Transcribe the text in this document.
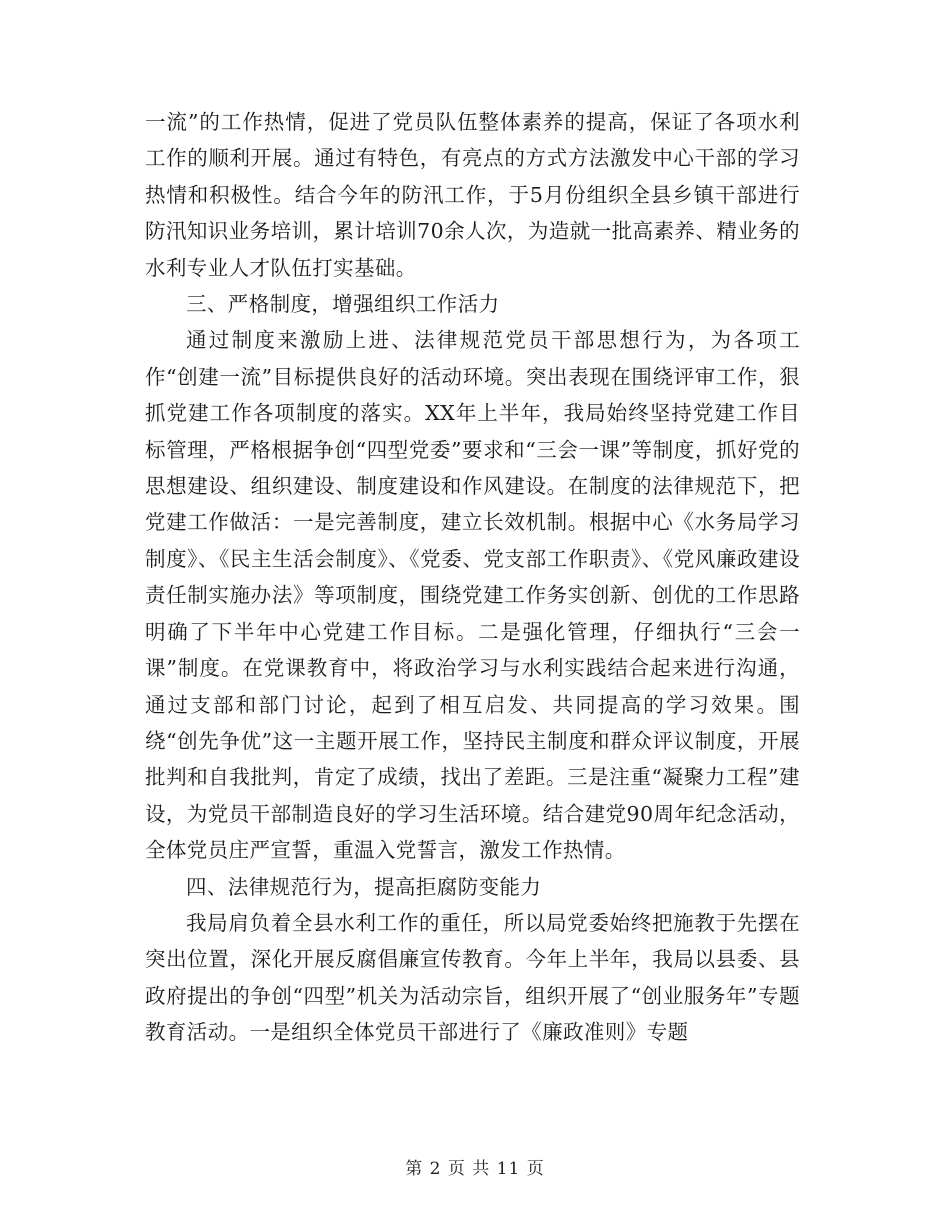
一流”的工作热情，促进了党员队伍整体素养的提高，保证了各项水利工作的顺利开展。通过有特色，有亮点的方式方法激发中心干部的学习热情和积极性。结合今年的防汛工作，于5月份组织全县乡镇干部进行防汛知识业务培训，累计培训70余人次，为造就一批高素养、精业务的水利专业人才队伍打实基础。

三、严格制度，增强组织工作活力

通过制度来激励上进、法律规范党员干部思想行为，为各项工作“创建一流”目标提供良好的活动环境。突出表现在围绕评审工作，狠抓党建工作各项制度的落实。XX年上半年，我局始终坚持党建工作目标管理，严格根据争创“四型党委”要求和“三会一课”等制度，抓好党的思想建设、组织建设、制度建设和作风建设。在制度的法律规范下，把党建工作做活：一是完善制度，建立长效机制。根据中心《水务局学习制度》、《民主生活会制度》、《党委、党支部工作职责》、《党风廉政建设责任制实施办法》等项制度，围绕党建工作务实创新、创优的工作思路明确了下半年中心党建工作目标。二是强化管理，仔细执行“三会一课”制度。在党课教育中，将政治学习与水利实践结合起来进行沟通，通过支部和部门讨论，起到了相互启发、共同提高的学习效果。围绕“创先争优”这一主题开展工作，坚持民主制度和群众评议制度，开展批判和自我批判，肯定了成绩，找出了差距。三是注重“凝聚力工程”建设，为党员干部制造良好的学习生活环境。结合建党90周年纪念活动，全体党员庄严宣誓，重温入党誓言，激发工作热情。

四、法律规范行为，提高拒腐防变能力

我局肩负着全县水利工作的重任，所以局党委始终把施教于先摆在突出位置，深化开展反腐倡廉宣传教育。今年上半年，我局以县委、县政府提出的争创“四型”机关为活动宗旨，组织开展了“创业服务年”专题教育活动。一是组织全体党员干部进行了《廉政准则》专题

第 2 页 共 11 页
